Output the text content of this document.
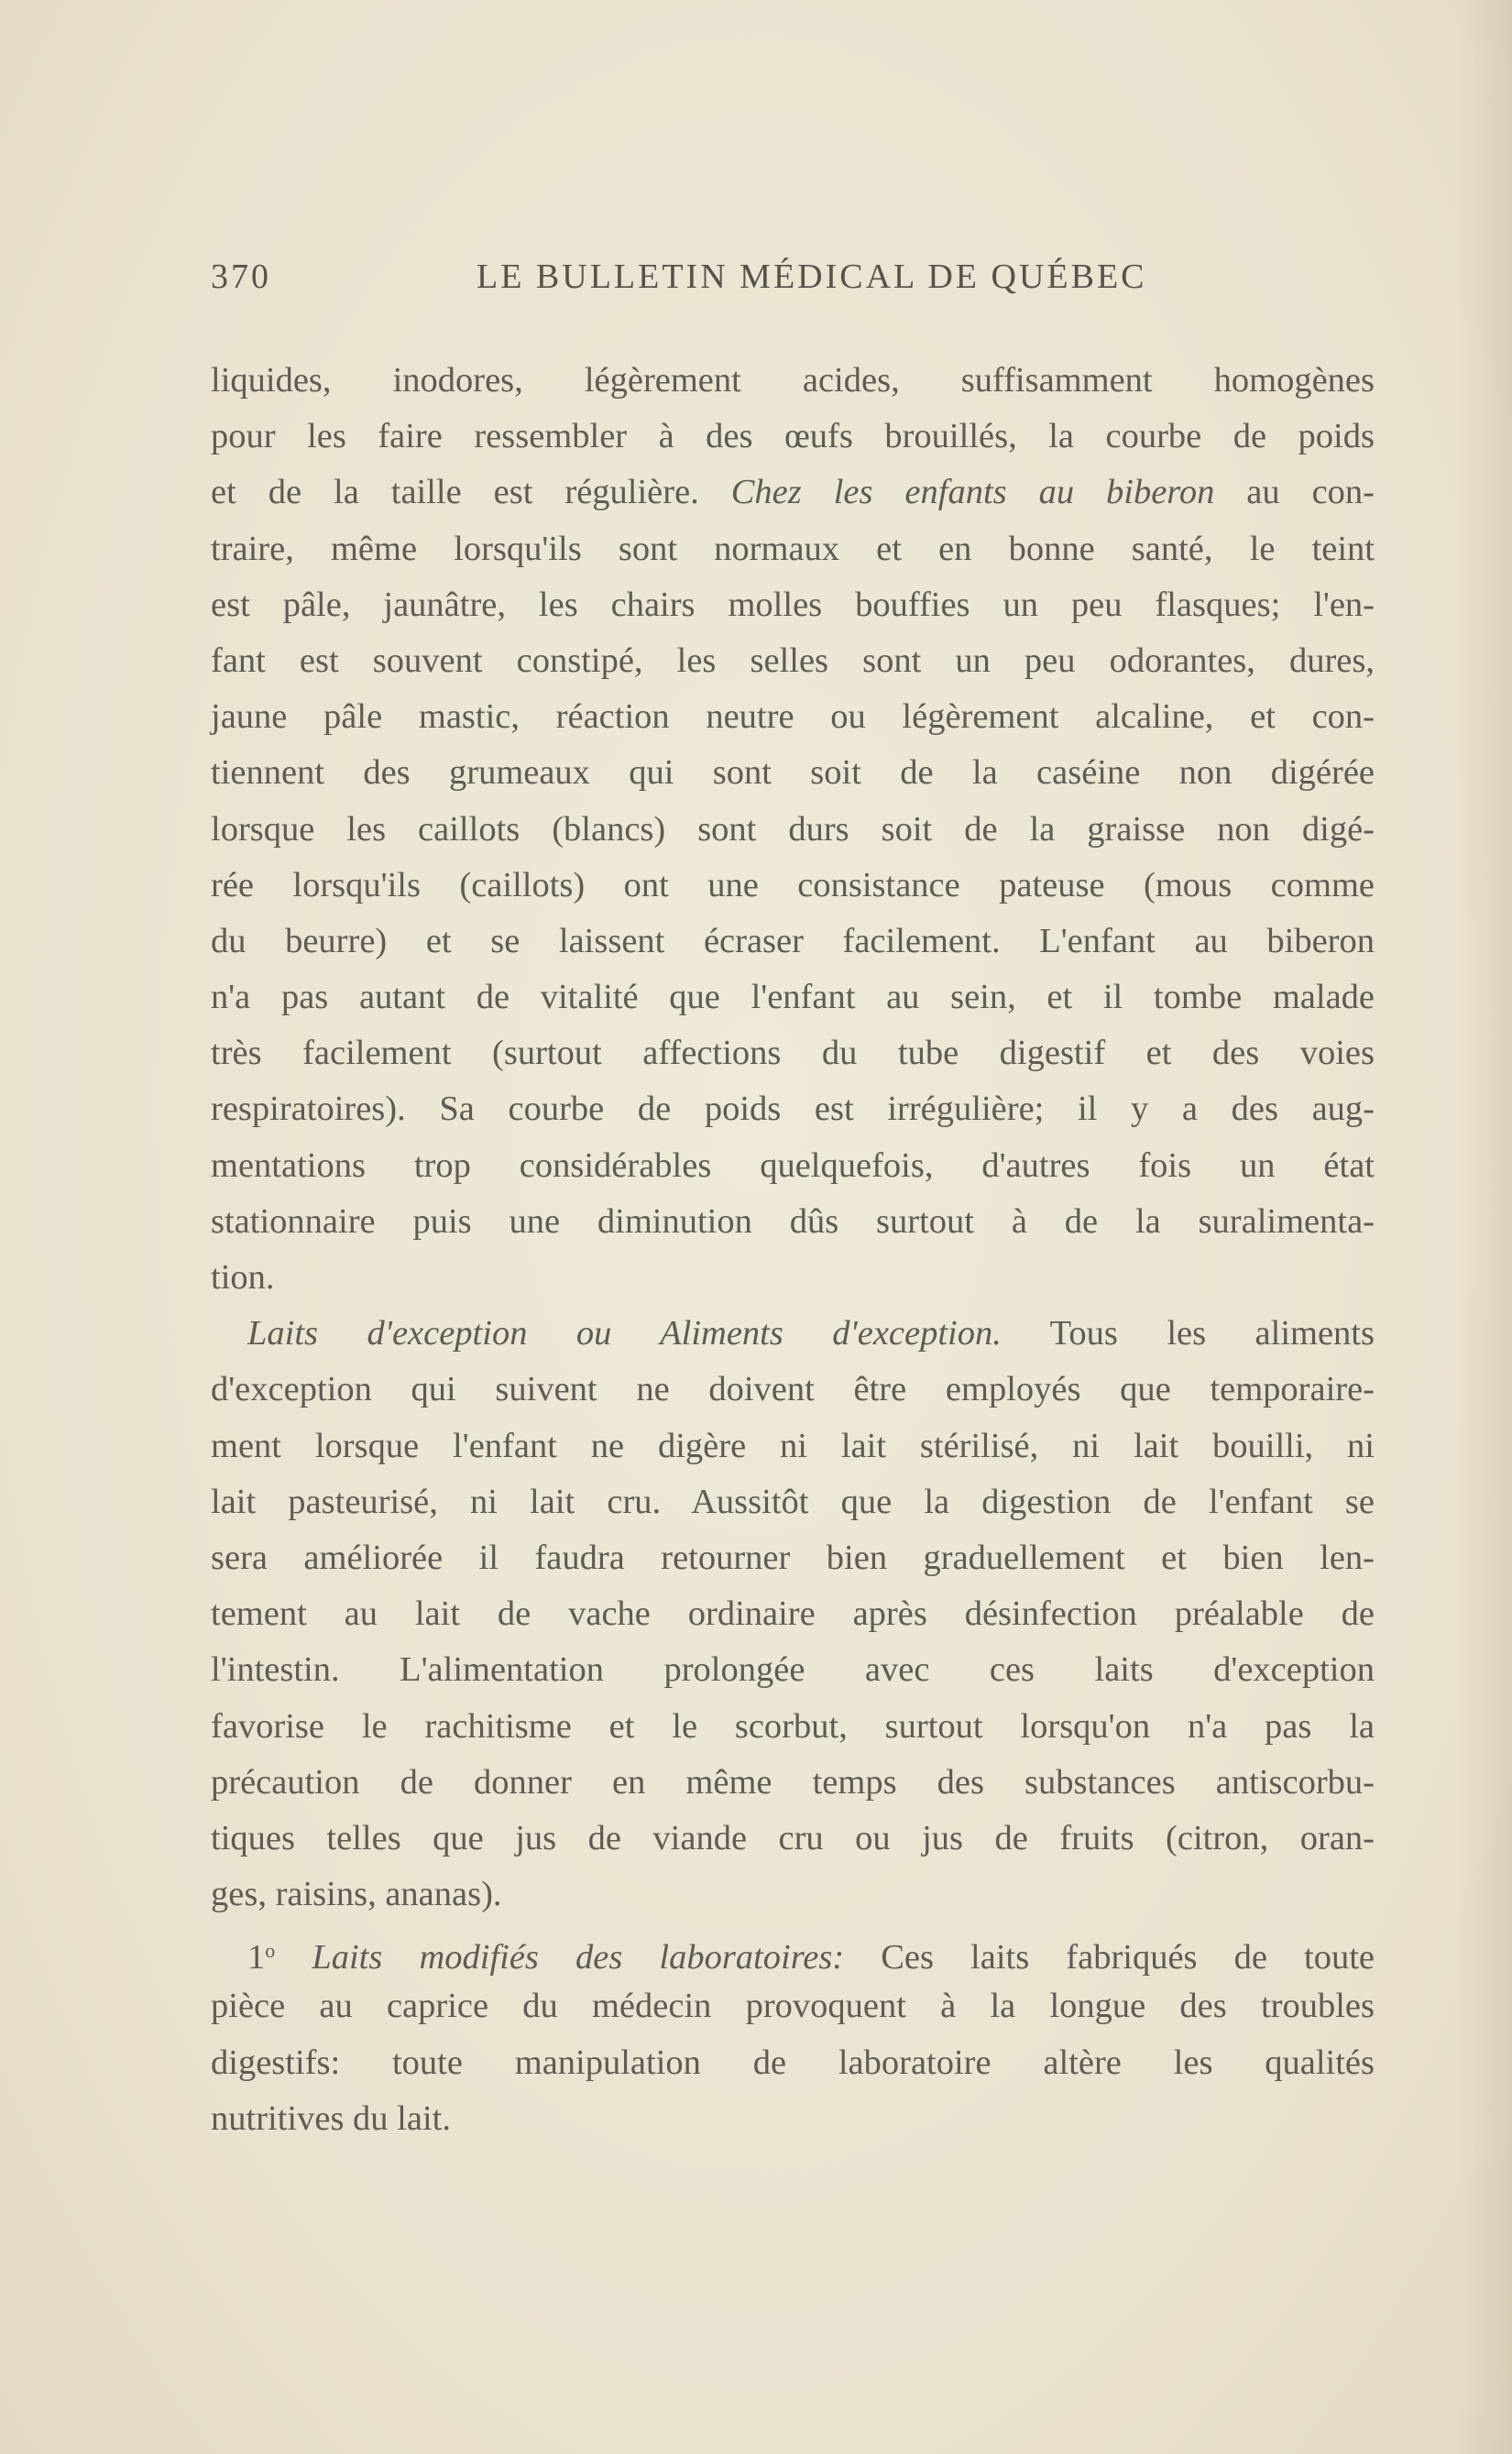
370	LE BULLETIN MÉDICAL DE QUÉBEC
liquides, inodores, légèrement acides, suffisamment homogènes
pour les faire ressembler à des œufs brouillés, la courbe de poids
et de la taille est régulière. Chez les enfants au biberon au con-
traire, même lorsqu'ils sont normaux et en bonne santé, le teint
est pâle, jaunâtre, les chairs molles bouffies un peu flasques; l'en-
fant est souvent constipé, les selles sont un peu odorantes, dures,
jaune pâle mastic, réaction neutre ou légèrement alcaline, et con-
tiennent des grumeaux qui sont soit de la caséine non digérée
lorsque les caillots (blancs) sont durs soit de la graisse non digé-
rée lorsqu'ils (caillots) ont une consistance pateuse (mous comme
du beurre) et se laissent écraser facilement. L'enfant au biberon
n'a pas autant de vitalité que l'enfant au sein, et il tombe malade
très facilement (surtout affections du tube digestif et des voies
respiratoires). Sa courbe de poids est irrégulière; il y a des aug-
mentations trop considérables quelquefois, d'autres fois un état
stationnaire puis une diminution dûs surtout à de la suralimenta-
tion.
Laits d'exception ou Aliments d'exception. Tous les aliments
d'exception qui suivent ne doivent être employés que temporaire-
ment lorsque l'enfant ne digère ni lait stérilisé, ni lait bouilli, ni
lait pasteurisé, ni lait cru. Aussitôt que la digestion de l'enfant se
sera améliorée il faudra retourner bien graduellement et bien len-
tement au lait de vache ordinaire après désinfection préalable de
l'intestin. L'alimentation prolongée avec ces laits d'exception
favorise le rachitisme et le scorbut, surtout lorsqu'on n'a pas la
précaution de donner en même temps des substances antiscorbu-
tiques telles que jus de viande cru ou jus de fruits (citron, oran-
ges, raisins, ananas).
1$^o$ Laits modifiés des laboratoires: Ces laits fabriqués de toute
pièce au caprice du médecin provoquent à la longue des troubles
digestifs: toute manipulation de laboratoire altère les qualités
nutritives du lait.
